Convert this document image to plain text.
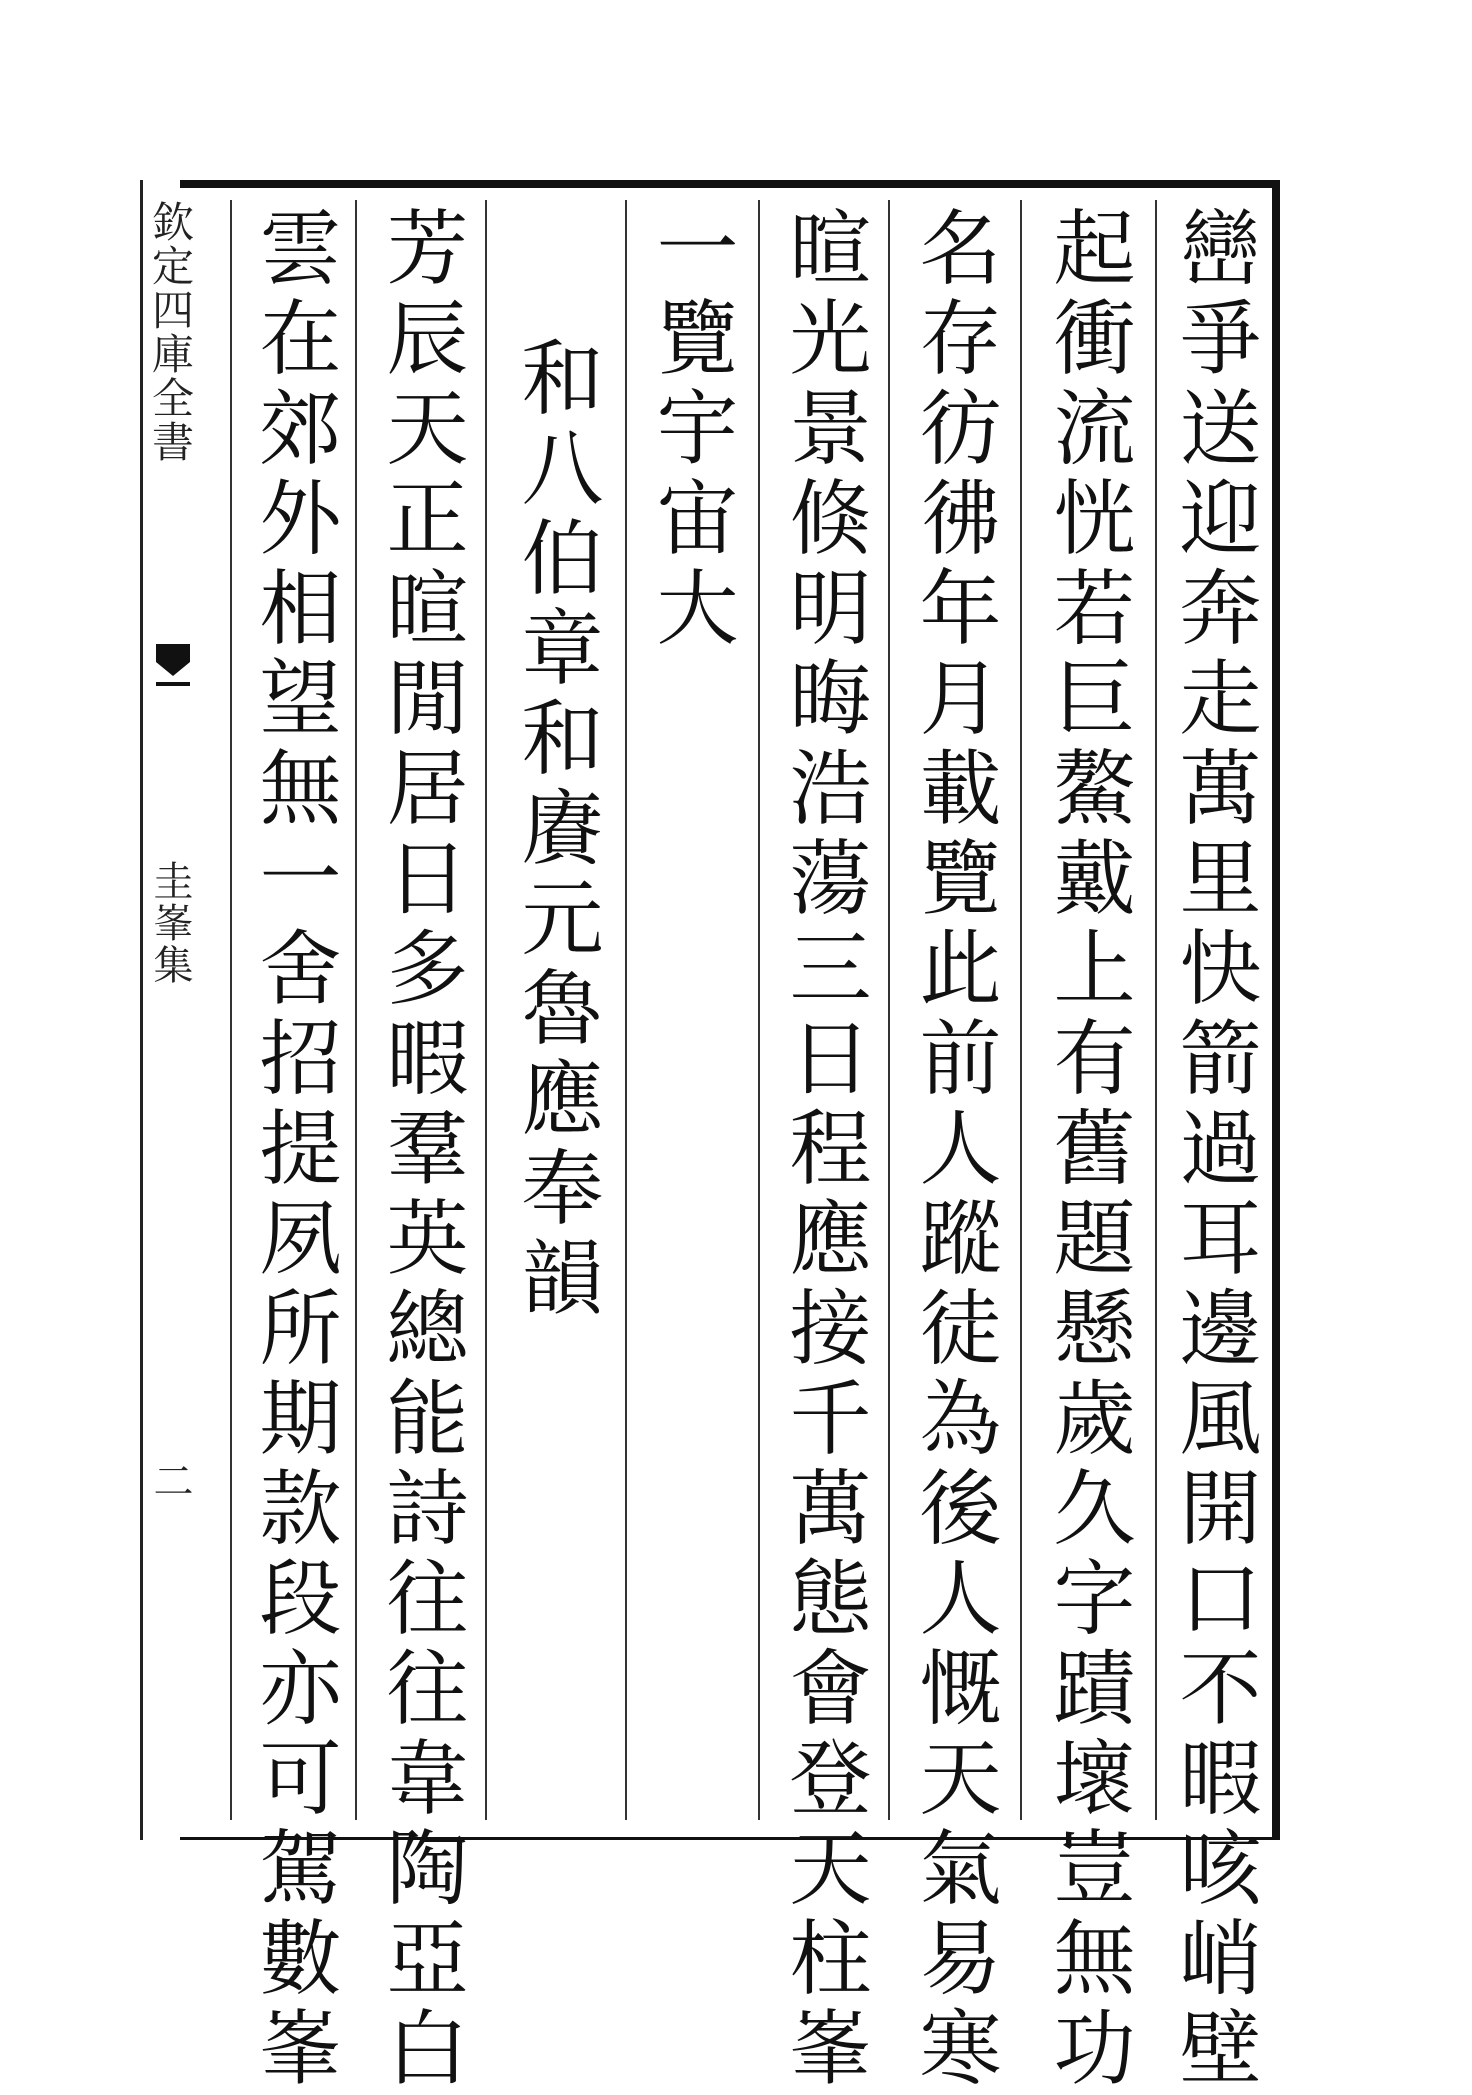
巒爭送迎奔走萬里快箭過耳邊風開口不暇咳峭壁
起衝流恍若巨鰲戴上有舊題懸歲久字蹟壞豈無功
名存彷彿年月載覽此前人蹤徒為後人慨天氣易寒
暄光景倏明晦浩蕩三日程應接千萬態會登天柱峯
一覽宇宙大
和八伯章和賡元魯應奉韻
芳辰天正暄閒居日多暇羣英總能詩往往韋陶亞白
雲在郊外相望無一舍招提夙所期款段亦可駕數峯
欽定四庫全書
圭峯集
二
